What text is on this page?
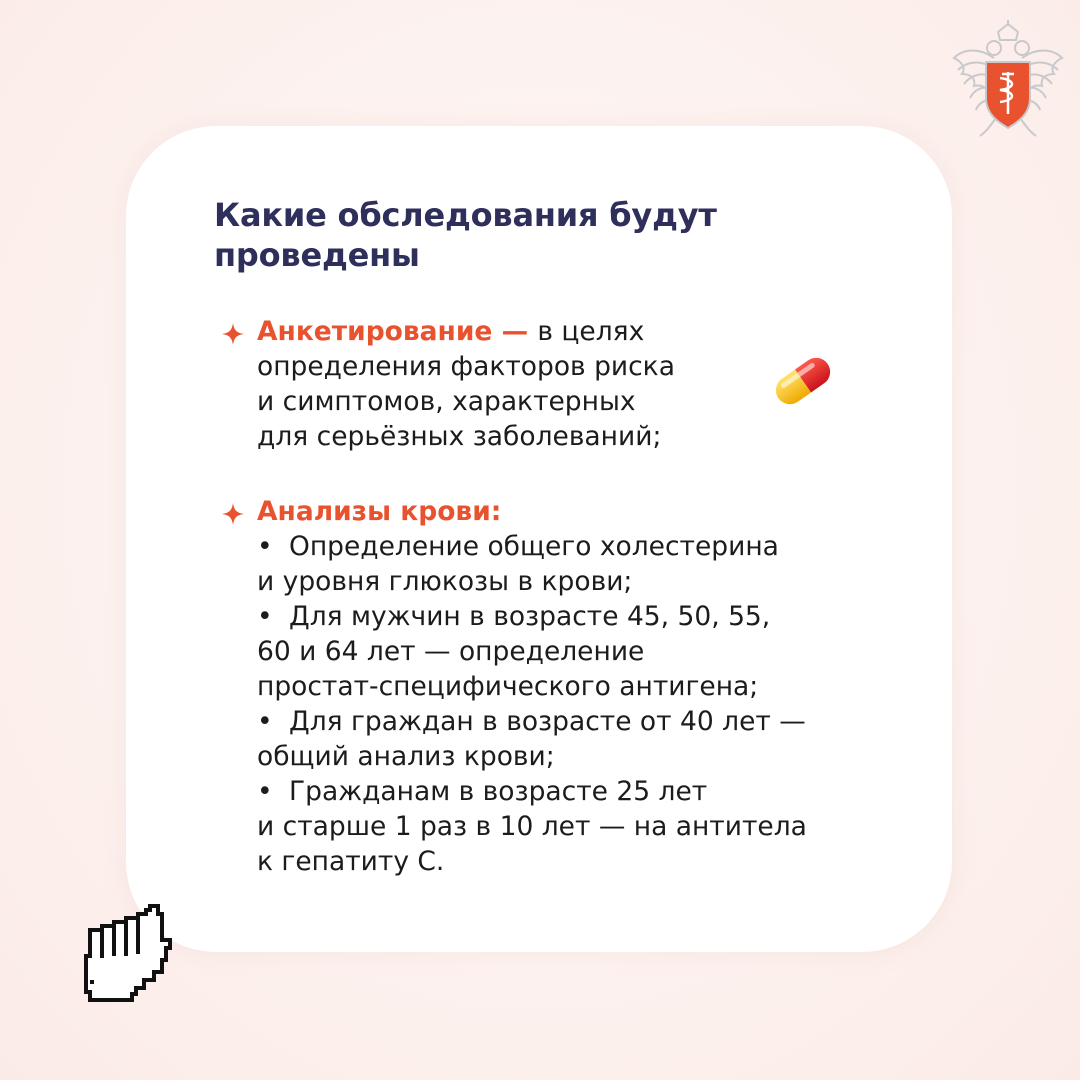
Какие обследования будут проведены
Анкетирование — в целях
определения факторов риска
и симптомов, характерных
для серьёзных заболеваний;
Анализы крови:
• Определение общего холестерина
и уровня глюкозы в крови;
• Для мужчин в возрасте 45, 50, 55,
60 и 64 лет — определение
простат-специфического антигена;
• Для граждан в возрасте от 40 лет —
общий анализ крови;
• Гражданам в возрасте 25 лет
и старше 1 раз в 10 лет — на антитела
к гепатиту С.
